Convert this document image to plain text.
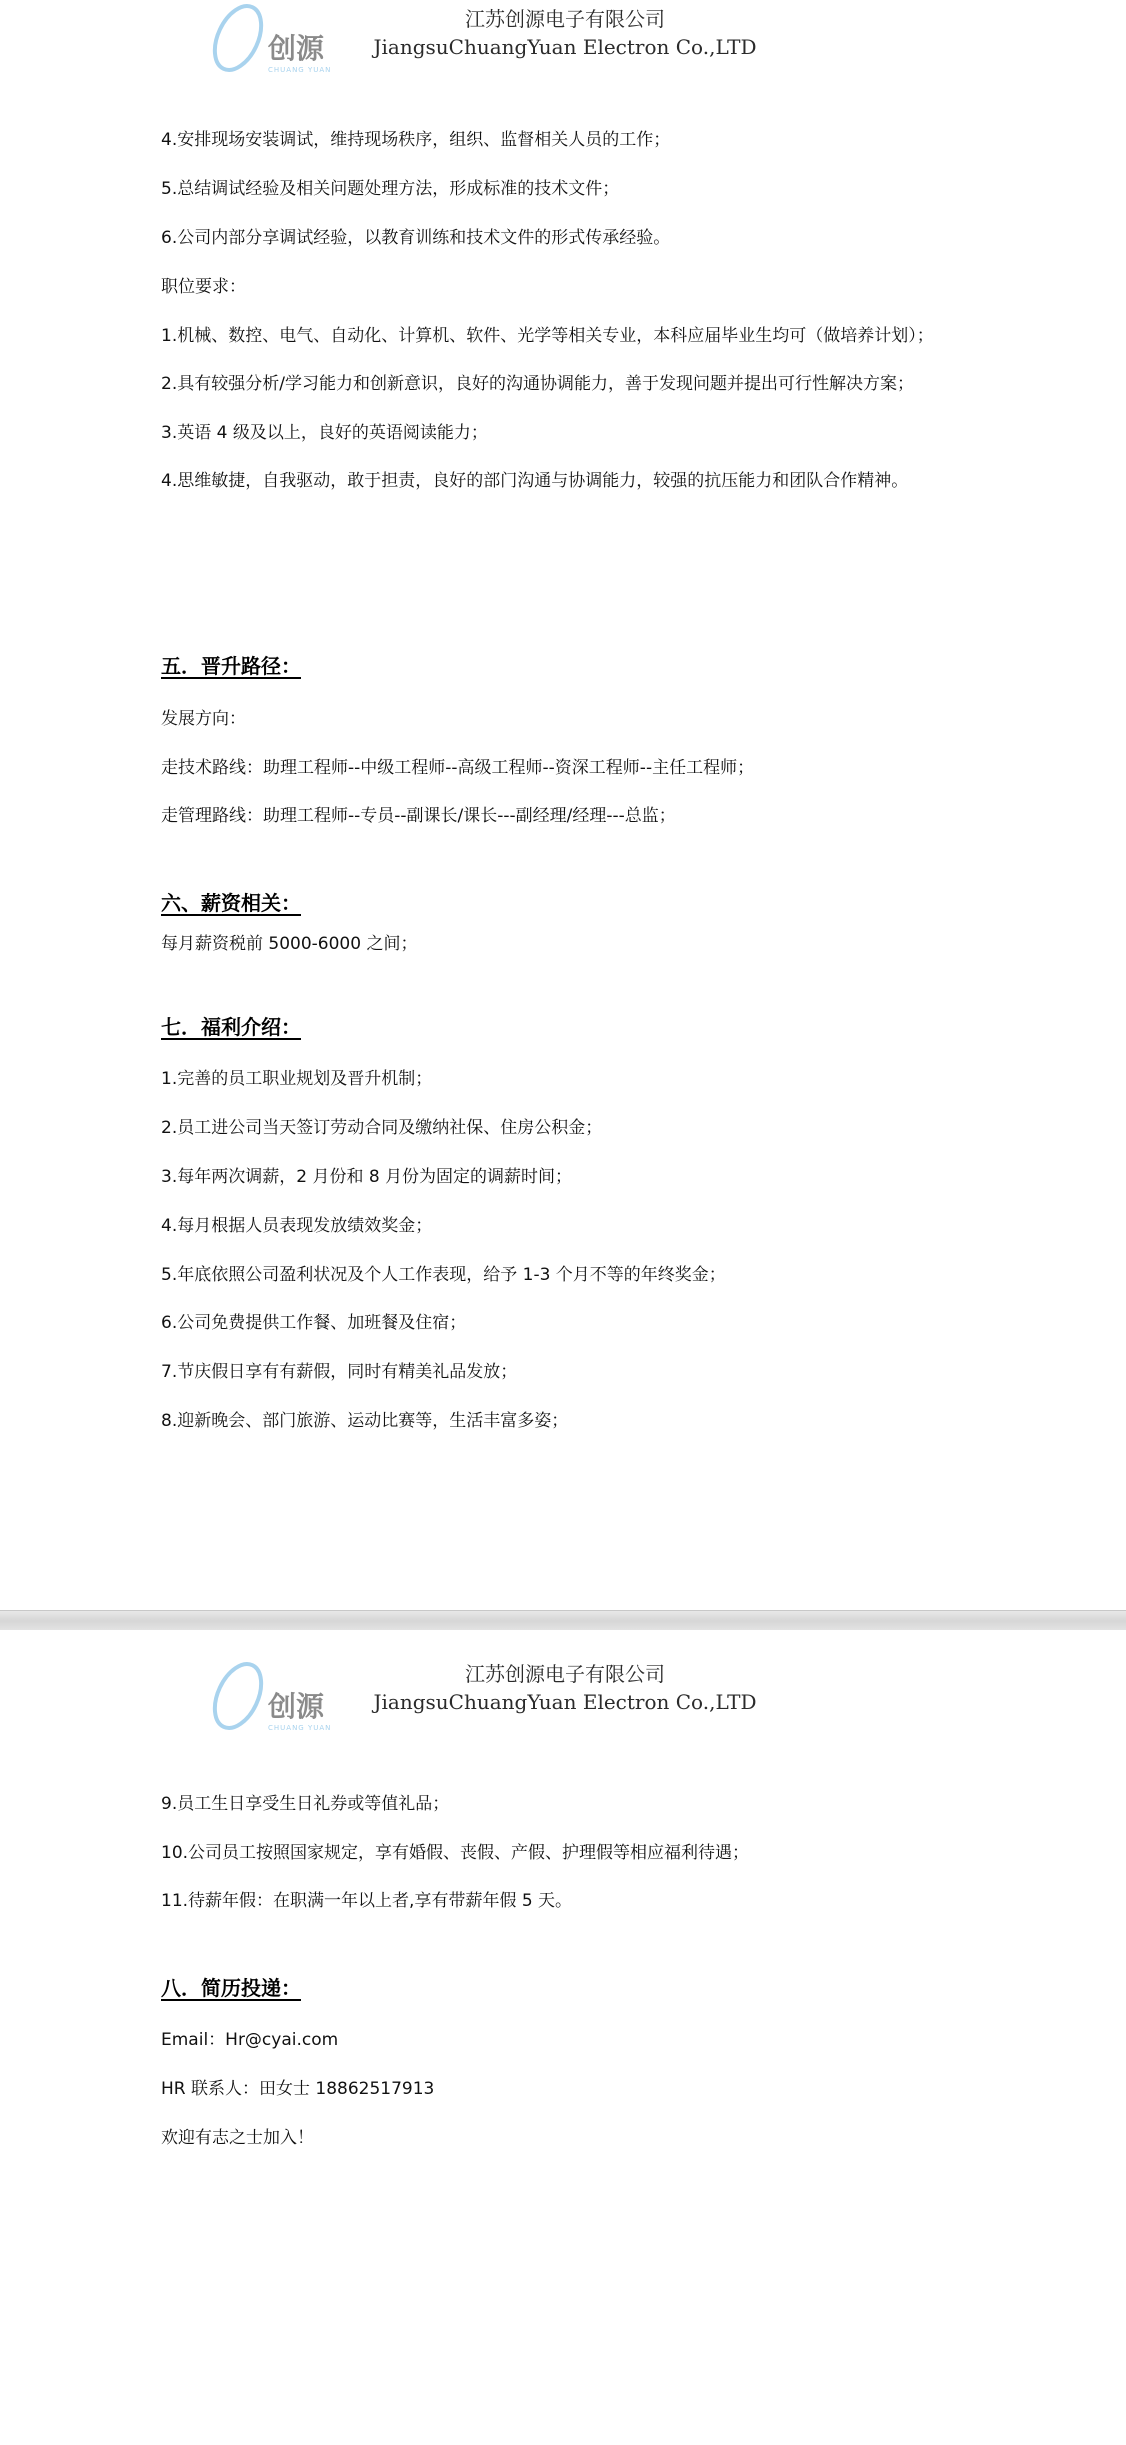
创源
CHUANG YUAN
江苏创源电子有限公司
JiangsuChuangYuan Electron Co.,LTD
4.安排现场安装调试，维持现场秩序，组织、监督相关人员的工作；
5.总结调试经验及相关问题处理方法，形成标准的技术文件；
6.公司内部分享调试经验，以教育训练和技术文件的形式传承经验。
职位要求：
1.机械、数控、电气、自动化、计算机、软件、光学等相关专业，本科应届毕业生均可（做培养计划）；
2.具有较强分析/学习能力和创新意识，良好的沟通协调能力，善于发现问题并提出可行性解决方案；
3.英语 4 级及以上，良好的英语阅读能力；
4.思维敏捷，自我驱动，敢于担责，良好的部门沟通与协调能力，较强的抗压能力和团队合作精神。
五．晋升路径：
发展方向：
走技术路线：助理工程师--中级工程师--高级工程师--资深工程师--主任工程师；
走管理路线：助理工程师--专员--副课长/课长---副经理/经理---总监；
六、薪资相关：
每月薪资税前 5000-6000 之间；
七．福利介绍：
1.完善的员工职业规划及晋升机制；
2.员工进公司当天签订劳动合同及缴纳社保、住房公积金；
3.每年两次调薪，2 月份和 8 月份为固定的调薪时间；
4.每月根据人员表现发放绩效奖金；
5.年底依照公司盈利状况及个人工作表现，给予 1-3 个月不等的年终奖金；
6.公司免费提供工作餐、加班餐及住宿；
7.节庆假日享有有薪假，同时有精美礼品发放；
8.迎新晚会、部门旅游、运动比赛等，生活丰富多姿；
创源
CHUANG YUAN
江苏创源电子有限公司
JiangsuChuangYuan Electron Co.,LTD
9.员工生日享受生日礼券或等值礼品；
10.公司员工按照国家规定，享有婚假、丧假、产假、护理假等相应福利待遇；
11.待薪年假：在职满一年以上者,享有带薪年假 5 天。
八．简历投递：
Email：Hr@cyai.com
HR 联系人：田女士 18862517913
欢迎有志之士加入！
